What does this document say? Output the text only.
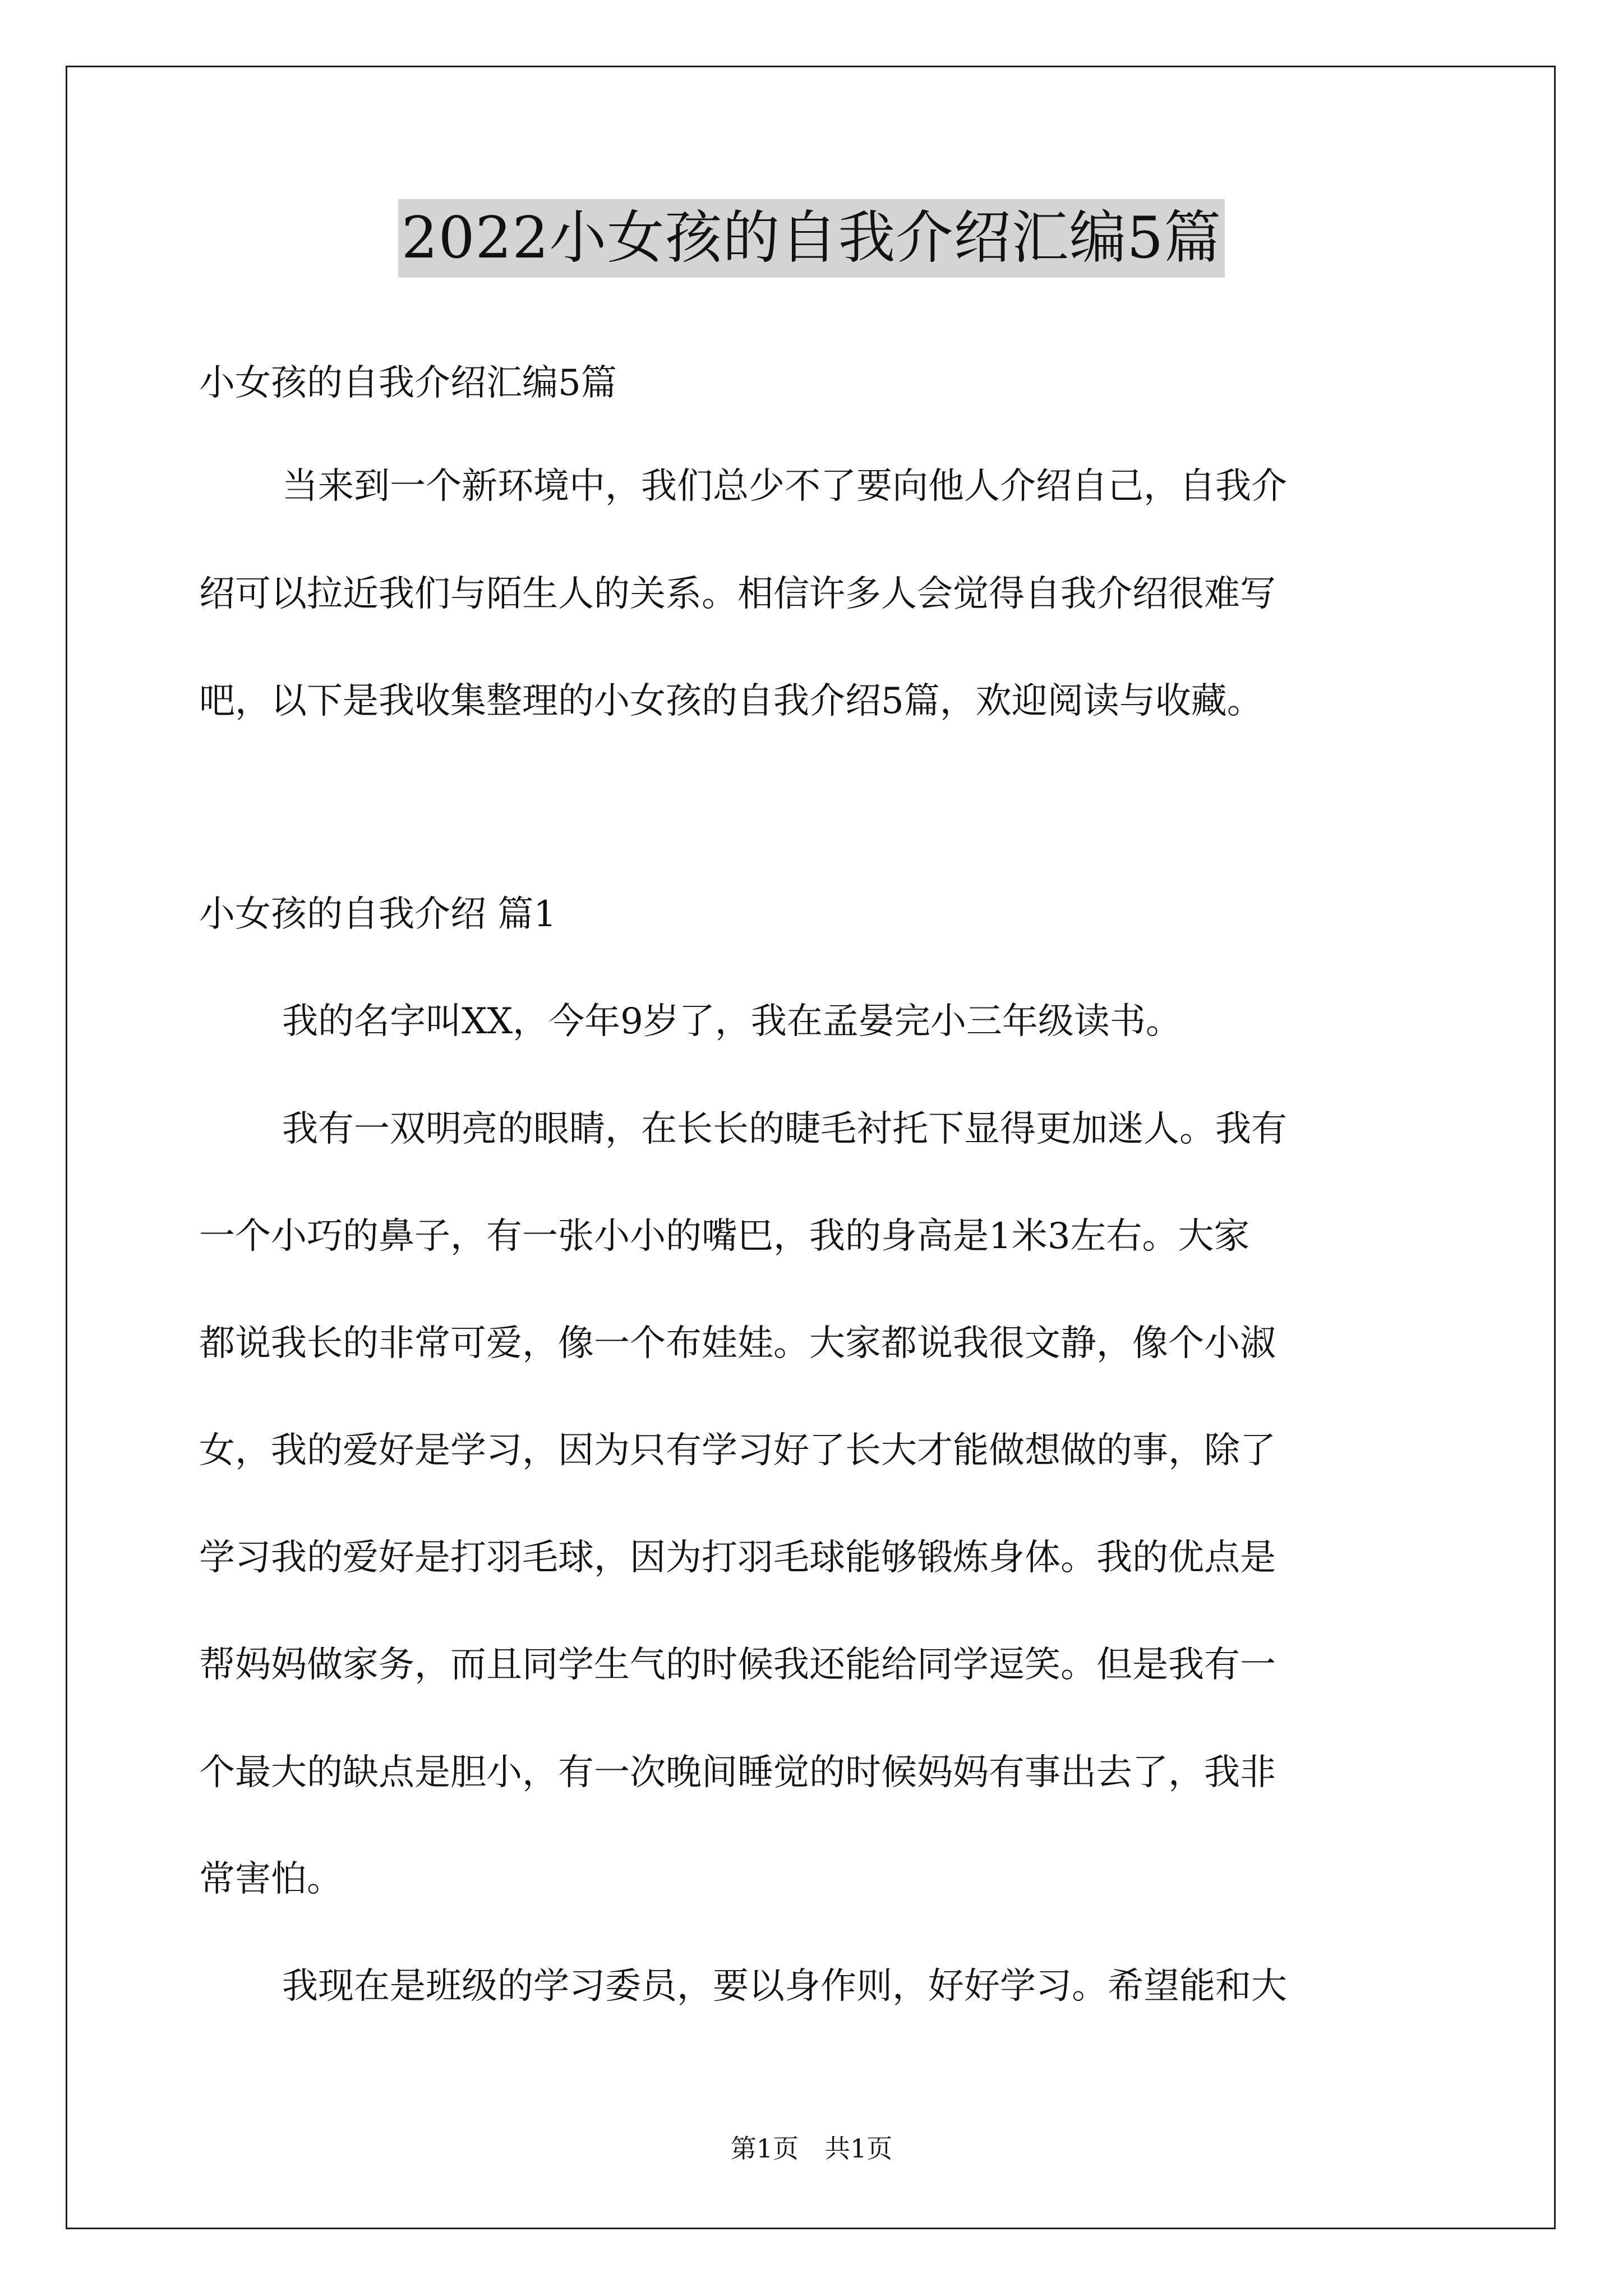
2022小女孩的自我介绍汇编5篇
小女孩的自我介绍汇编5篇
当来到一个新环境中，我们总少不了要向他人介绍自己，自我介
绍可以拉近我们与陌生人的关系。相信许多人会觉得自我介绍很难写
吧，以下是我收集整理的小女孩的自我介绍5篇，欢迎阅读与收藏。
小女孩的自我介绍 篇1
我的名字叫XX，今年9岁了，我在孟晏完小三年级读书。
我有一双明亮的眼睛，在长长的睫毛衬托下显得更加迷人。我有
一个小巧的鼻子，有一张小小的嘴巴，我的身高是1米3左右。大家
都说我长的非常可爱，像一个布娃娃。大家都说我很文静，像个小淑
女，我的爱好是学习，因为只有学习好了长大才能做想做的事，除了
学习我的爱好是打羽毛球，因为打羽毛球能够锻炼身体。我的优点是
帮妈妈做家务，而且同学生气的时候我还能给同学逗笑。但是我有一
个最大的缺点是胆小，有一次晚间睡觉的时候妈妈有事出去了，我非
常害怕。
我现在是班级的学习委员，要以身作则，好好学习。希望能和大
第1页　共1页
